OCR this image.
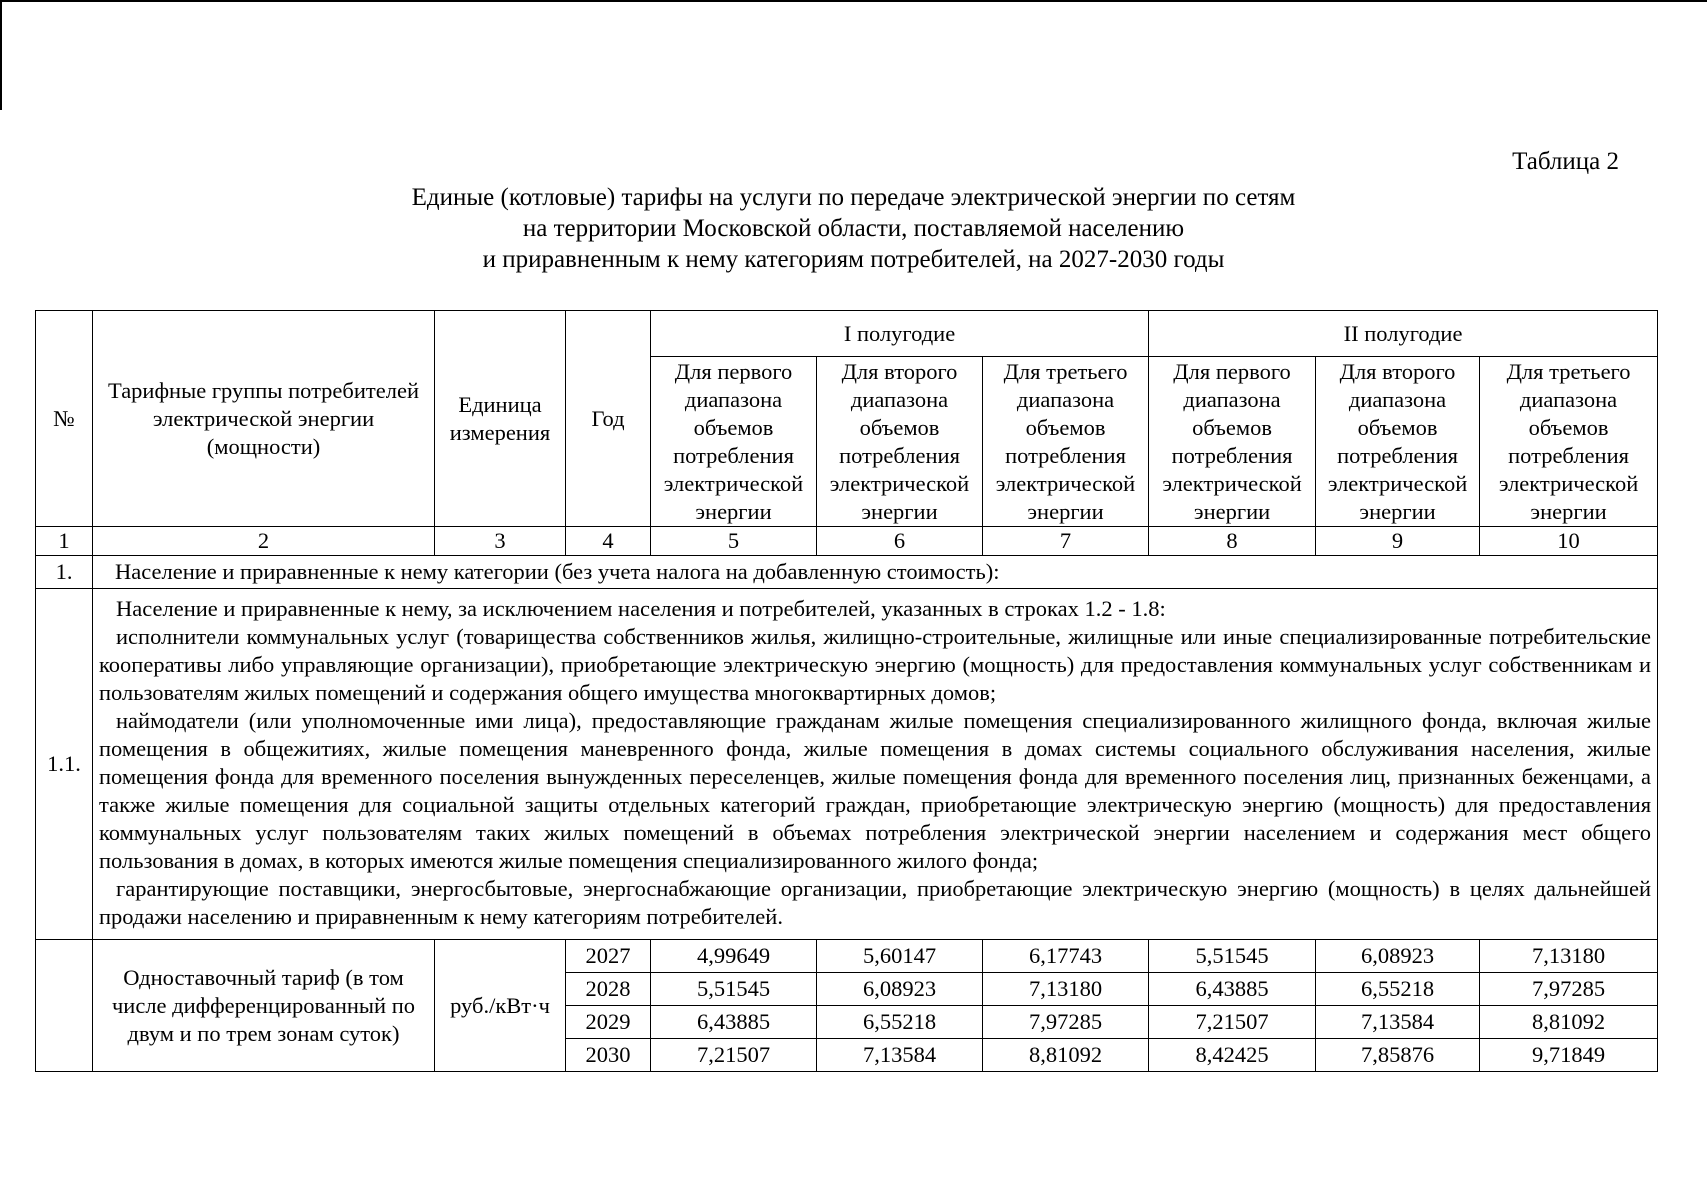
Таблица 2
Единые (котловые) тарифы на услуги по передаче электрической энергии по сетям
на территории Московской области, поставляемой населению
и приравненным к нему категориям потребителей, на 2027-2030 годы
№	Тарифные группы потребителей электрической энергии (мощности)	Единица измерения	Год	I полугодие			II полугодие		
				Для первого диапазона объемов потребления электрической энергии	Для второго диапазона объемов потребления электрической энергии	Для третьего диапазона объемов потребления электрической энергии	Для первого диапазона объемов потребления электрической энергии	Для второго диапазона объемов потребления электрической энергии	Для третьего диапазона объемов потребления электрической энергии
1	2	3	4	5	6	7	8	9	10
1.	Население и приравненные к нему категории (без учета налога на добавленную стоимость):								
1.1.	Население и приравненные к нему, за исключением населения и потребителей, указанных в строках 1.2 - 1.8:

исполнители коммунальных услуг (товарищества собственников жилья, жилищно-строительные, жилищные или иные специализированные потребительские кооперативы либо управляющие организации), приобретающие электрическую энергию (мощность) для предоставления коммунальных услуг собственникам и пользователям жилых помещений и содержания общего имущества многоквартирных домов;

наймодатели (или уполномоченные ими лица), предоставляющие гражданам жилые помещения специализированного жилищного фонда, включая жилые помещения в общежитиях, жилые помещения маневренного фонда, жилые помещения в домах системы социального обслуживания населения, жилые помещения фонда для временного поселения вынужденных переселенцев, жилые помещения фонда для временного поселения лиц, признанных беженцами, а также жилые помещения для социальной защиты отдельных категорий граждан, приобретающие электрическую энергию (мощность) для предоставления коммунальных услуг пользователям таких жилых помещений в объемах потребления электрической энергии населением и содержания мест общего пользования в домах, в которых имеются жилые помещения специализированного жилого фонда;

гарантирующие поставщики, энергосбытовые, энергоснабжающие организации, приобретающие электрическую энергию (мощность) в целях дальнейшей продажи населению и приравненным к нему категориям потребителей.								

	Одноставочный тариф (в том числе дифференцированный по двум и по трем зонам суток)	руб./кВт·ч	2027	4,99649	5,60147	6,17743	5,51545	6,08923	7,13180
			2028	5,51545	6,08923	7,13180	6,43885	6,55218	7,97285
			2029	6,43885	6,55218	7,97285	7,21507	7,13584	8,81092
			2030	7,21507	7,13584	8,81092	8,42425	7,85876	9,71849
